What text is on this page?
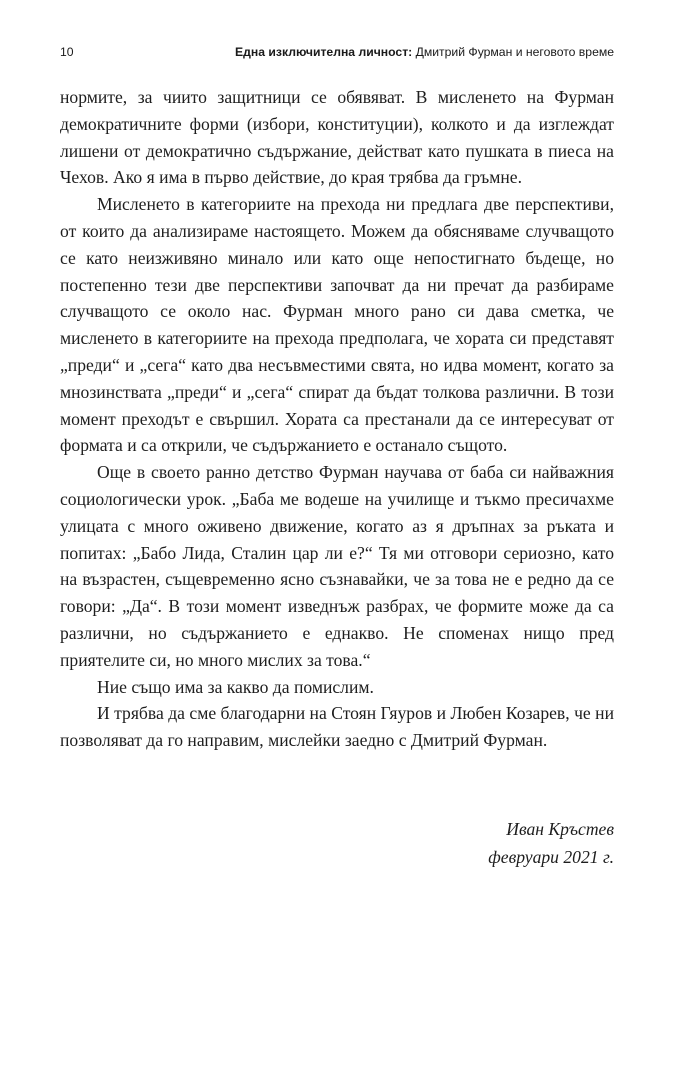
10	Една изключителна личност: Дмитрий Фурман и неговото време

нормите, за чиито защитници се обявяват. В мисленето на Фурман демократичните форми (избори, конституции), колкото и да изглеждат лишени от демократично съдържание, действат като пушката в пиеса на Чехов. Ако я има в първо действие, до края трябва да гръмне.

Мисленето в категориите на прехода ни предлага две перспективи, от които да анализираме настоящето. Можем да обясняваме случващото се като неизживяно минало или като още непостигнато бъдеще, но постепенно тези две перспективи започват да ни пречат да разбираме случващото се около нас. Фурман много рано си дава сметка, че мисленето в категориите на прехода предполага, че хората си представят „преди“ и „сега“ като два несъвместими свята, но идва момент, когато за мнозинствата „преди“ и „сега“ спират да бъдат толкова различни. В този момент преходът е свършил. Хората са престанали да се интересуват от формата и са открили, че съдържанието е останало същото.

Още в своето ранно детство Фурман научава от баба си найважния социологически урок. „Баба ме водеше на училище и тъкмо пресичахме улицата с много оживено движение, когато аз я дръпнах за ръката и попитах: „Бабо Лида, Сталин цар ли е?“ Тя ми отговори сериозно, като на възрастен, същевременно ясно съзнавайки, че за това не е редно да се говори: „Да“. В този момент изведнъж разбрах, че формите може да са различни, но съдържанието е еднакво. Не споменах нищо пред приятелите си, но много мислих за това.“

Ние също има за какво да помислим.

И трябва да сме благодарни на Стоян Гяуров и Любен Козарев, че ни позволяват да го направим, мислейки заедно с Дмитрий Фурман.

Иван Кръстев
февруари 2021 г.
